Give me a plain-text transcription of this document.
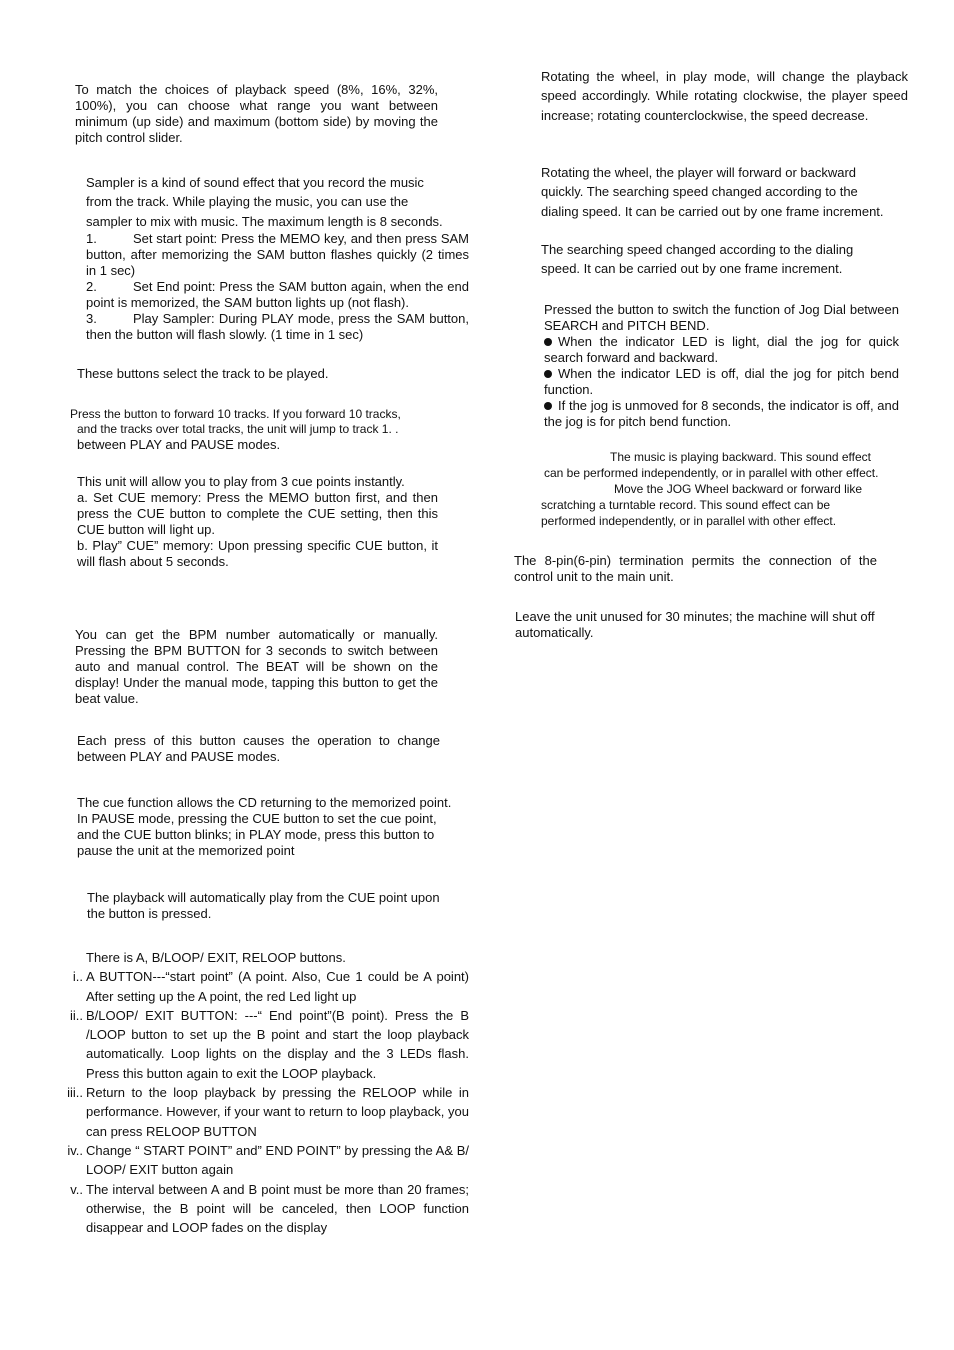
To match the choices of playback speed (8%, 16%, 32%, 100%), you can choose what range you want between minimum (up side) and maximum (bottom side) by moving the pitch control slider.

Sampler is a kind of sound effect that you record the music
from the track. While playing the music, you can use the
sampler to mix with music. The maximum length is 8 seconds.
1.	Set start point: Press the MEMO key, and then press SAM button, after memorizing the SAM button flashes quickly (2 times in 1 sec)
2.	Set End point: Press the SAM button again, when the end point is memorized, the SAM button lights up (not flash).
3.	Play Sampler: During PLAY mode, press the SAM button, then the button will flash slowly. (1 time in 1 sec)

These buttons select the track to be played.

Press the button to forward 10 tracks. If you forward 10 tracks,
and the tracks over total tracks, the unit will jump to track 1. .
between PLAY and PAUSE modes.
This unit will allow you to play from 3 cue points instantly.
a. Set CUE memory: Press the MEMO button first, and then press the CUE button to complete the CUE setting, then this CUE button will light up.
b. Play” CUE” memory: Upon pressing specific CUE button, it will flash about 5 seconds.

You can get the BPM number automatically or manually. Pressing the BPM BUTTON for 3 seconds to switch between auto and manual control. The BEAT will be shown on the display! Under the manual mode, tapping this button to get the beat value.

Each press of this button causes the operation to change between PLAY and PAUSE modes.

The cue function allows the CD returning to the memorized point.
In PAUSE mode, pressing the CUE button to set the cue point,
and the CUE button blinks; in PLAY mode, press this button to
pause the unit at the memorized point
The playback will automatically play from the CUE point upon
the button is pressed.
There is A, B/LOOP/ EXIT, RELOOP buttons.
i.. A BUTTON---“start point” (A point. Also, Cue 1 could be A point) After setting up the A point, the red Led light up
ii.. B/LOOP/ EXIT BUTTON: ---“ End point”(B point). Press the B /LOOP button to set up the B point and start the loop playback automatically. Loop lights on the display and the 3 LEDs flash. Press this button again to exit the LOOP playback.
iii.. Return to the loop playback by pressing the RELOOP while in performance. However, if your want to return to loop playback, you can press RELOOP BUTTON
iv.. Change “ START POINT” and” END POINT” by pressing the A& B/ LOOP/ EXIT button again
v.. The interval between A and B point must be more than 20 frames; otherwise, the B point will be canceled, then LOOP function disappear and LOOP fades on the display

Rotating the wheel, in play mode, will change the playback speed accordingly. While rotating clockwise, the player speed increase; rotating counterclockwise, the speed decrease.

Rotating the wheel, the player will forward or backward
quickly. The searching speed changed according to the
dialing speed. It can be carried out by one frame increment.
The searching speed changed according to the dialing
speed. It can be carried out by one frame increment.
Pressed the button to switch the function of Jog Dial between SEARCH and PITCH BEND.
When the indicator LED is light, dial the jog for quick search forward and backward.
When the indicator LED is off, dial the jog for pitch bend function.
If the jog is unmoved for 8 seconds, the indicator is off, and the jog is for pitch bend function.
The music is playing backward. This sound effect
can be performed independently, or in parallel with other effect.
Move the JOG Wheel backward or forward like
scratching a turntable record. This sound effect can be
performed independently, or in parallel with other effect.

The 8-pin(6-pin) termination permits the connection of the control unit to the main unit.

Leave the unit unused for 30 minutes; the machine will shut off
automatically.
